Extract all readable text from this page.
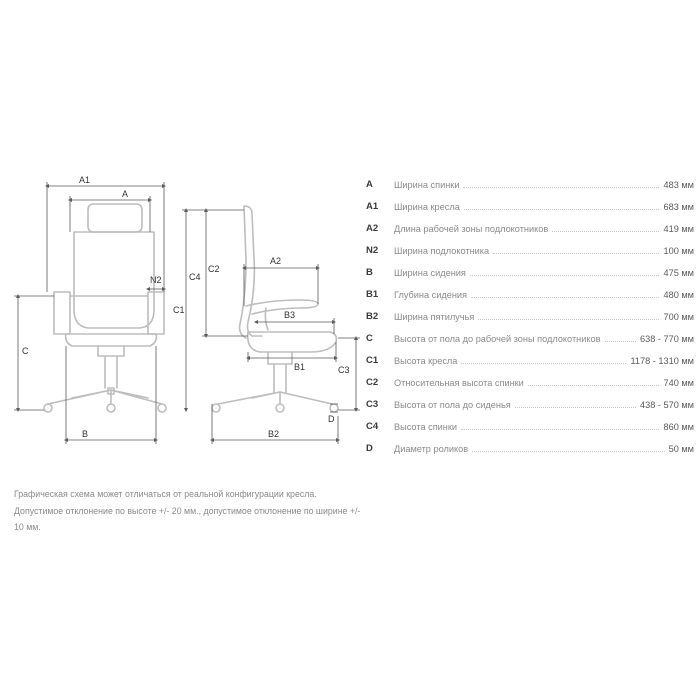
A1
A
N2
C
B
C1
C4
C2
A2
B3
B1	C3
D
B2
A	Ширина спинки	483 мм
A1	Ширина кресла	683 мм
A2	Длина рабочей зоны подлокотников	419 мм
N2	Ширина подлокотника	100 мм
B	Ширина сидения	475 мм
B1	Глубина сидения	480 мм
B2	Ширина пятилучья	700 мм
C	Высота от пола до рабочей зоны подлокотников	638 - 770 мм
C1	Высота кресла	1178 - 1310 мм
C2	Относительная высота спинки	740 мм
C3	Высота от пола до сиденья	438 - 570 мм
C4	Высота спинки	860 мм
D	Диаметр роликов	50 мм
Графическая схема может отличаться от реальной конфигурации кресла. Допустимое отклонение по высоте +/- 20 мм., допустимое отклонение по ширине +/- 10 мм.
